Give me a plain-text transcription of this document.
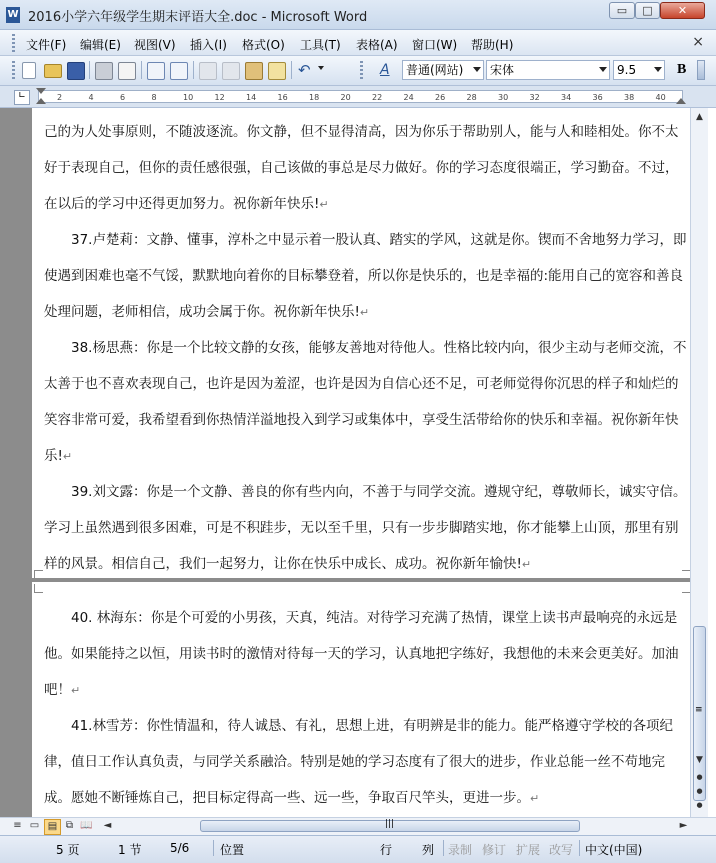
W 2016小学六年级学生期末评语大全.doc - Microsoft Word	▭	□	✕
文件(F) 编辑(E) 视图(V) 插入(I) 格式(O) 工具(T) 表格(A) 窗口(W) 帮助(H)	×
↶	A	普通(网站)	宋体	9.5	B
∟	2	4	6	8	10	12	14	16	18	20	22	24	26	28	30	32	34	36	38	40
己的为人处事原则，不随波逐流。你文静，但不显得清高，因为你乐于帮助别人，能与人和睦相处。你不太好于表现自己，但你的责任感很强，自己该做的事总是尽力做好。你的学习态度很端正，学习勤奋。不过，在以后的学习中还得更加努力。祝你新年快乐!↵
37.卢楚莉：文静、懂事，淳朴之中显示着一股认真、踏实的学风，这就是你。锲而不舍地努力学习，即使遇到困难也毫不气馁，默默地向着你的目标攀登着，所以你是快乐的，也是幸福的:能用自己的宽容和善良处理问题，老师相信，成功会属于你。祝你新年快乐!↵
38.杨思燕：你是一个比较文静的女孩，能够友善地对待他人。性格比较内向，很少主动与老师交流，不太善于也不喜欢表现自己，也许是因为羞涩，也许是因为自信心还不足，可老师觉得你沉思的样子和灿烂的笑容非常可爱，我希望看到你热情洋溢地投入到学习或集体中，享受生活带给你的快乐和幸福。祝你新年快乐!↵
39.刘文露：你是一个文静、善良的你有些内向，不善于与同学交流。遵规守纪，尊敬师长，诚实守信。学习上虽然遇到很多困难，可是不积跬步，无以至千里，只有一步步脚踏实地，你才能攀上山顶，那里有别样的风景。相信自己，我们一起努力，让你在快乐中成长、成功。祝你新年愉快!↵
40. 林海东：你是个可爱的小男孩，天真，纯洁。对待学习充满了热情，课堂上读书声最响亮的永远是他。如果能持之以恒，用读书时的激情对待每一天的学习，认真地把字练好，我想他的未来会更美好。加油吧！↵
41.林雪芳：你性情温和，待人诚恳、有礼，思想上进，有明辨是非的能力。能严格遵守学校的各项纪律，值日工作认真负责，与同学关系融洽。特别是她的学习态度有了很大的进步，作业总能一丝不苟地完成。愿她不断锤炼自己，把目标定得高一些、远一些，争取百尺竿头，更进一步。↵
▲
≡
▼
●
●
●
≡ ▭ ▤ ⧉ 📖	◄	|||	►
5 页	1 节 5/6	位置	行 列 录制 修订 扩展 改写 中文(中国)
